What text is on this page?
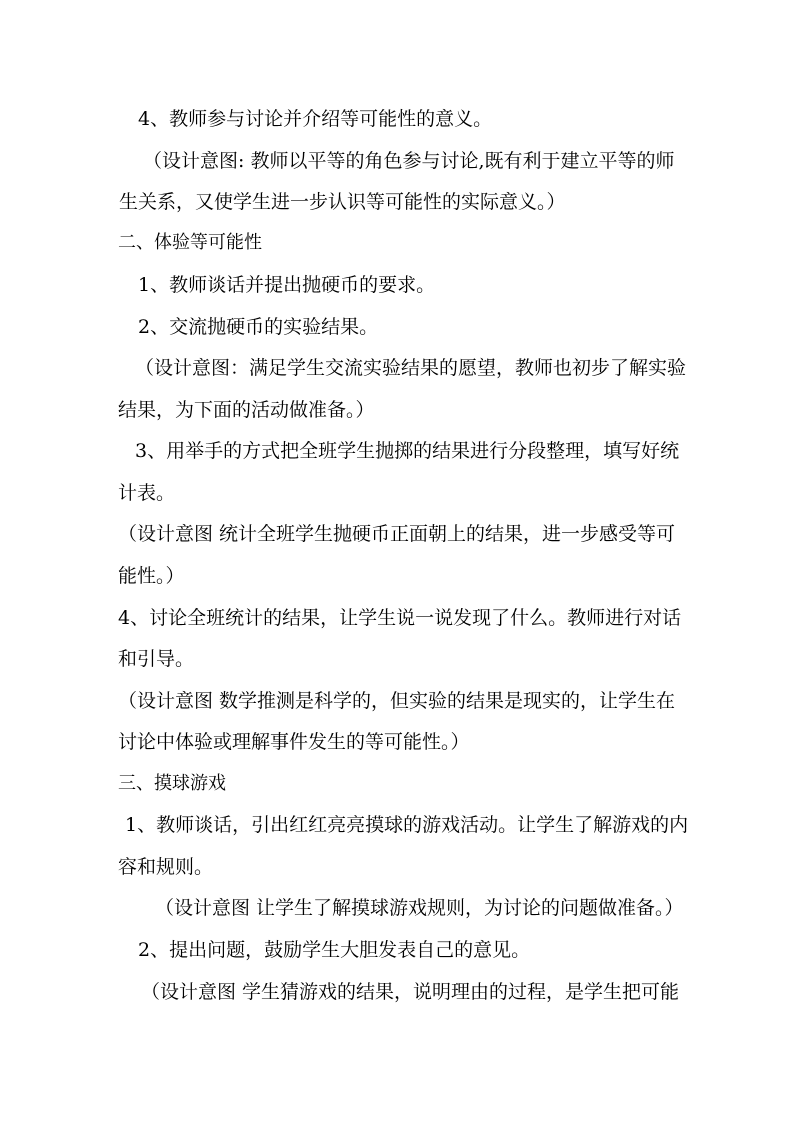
4、教师参与讨论并介绍等可能性的意义。
（设计意图: 教师以平等的角色参与讨论,既有利于建立平等的师
生关系，又使学生进一步认识等可能性的实际意义。）
二、体验等可能性
1、教师谈话并提出抛硬币的要求。
2、交流抛硬币的实验结果。
（设计意图：满足学生交流实验结果的愿望，教师也初步了解实验
结果，为下面的活动做准备。）
3、用举手的方式把全班学生抛掷的结果进行分段整理，填写好统
计表。
（设计意图 统计全班学生抛硬币正面朝上的结果，进一步感受等可
能性。）
4、讨论全班统计的结果，让学生说一说发现了什么。教师进行对话
和引导。
（设计意图 数学推测是科学的，但实验的结果是现实的，让学生在
讨论中体验或理解事件发生的等可能性。）
三、摸球游戏
1、教师谈话，引出红红亮亮摸球的游戏活动。让学生了解游戏的内
容和规则。
（设计意图 让学生了解摸球游戏规则，为讨论的问题做准备。）
2、提出问题，鼓励学生大胆发表自己的意见。
（设计意图 学生猜游戏的结果，说明理由的过程，是学生把可能
